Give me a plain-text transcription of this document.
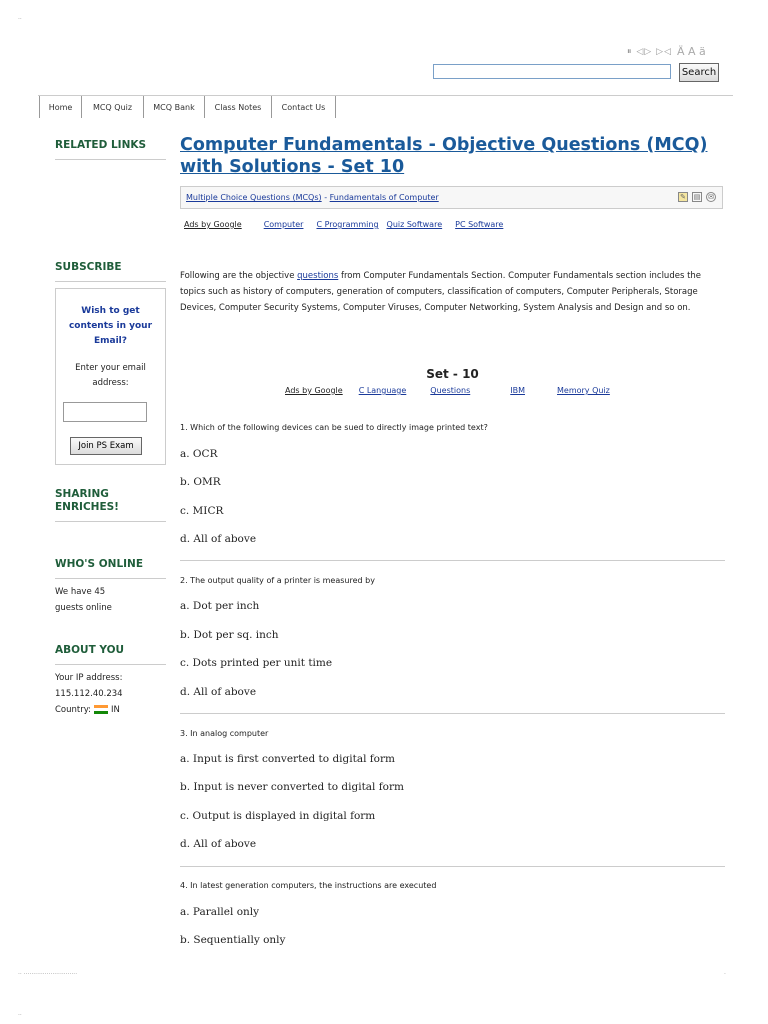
..
.. ............................
..
.
⏸ ◁▷ ▷◁ Ä A ä
Search
Home	MCQ Quiz	MCQ Bank	Class Notes	Contact Us
RELATED LINKS
SUBSCRIBE
Wish to get contents in your Email?
Enter your email address:
Join PS Exam
SHARING ENRICHES!
WHO'S ONLINE
We have 45 guests online
ABOUT YOU
Your IP address:
115.112.40.234
Country: IN
Computer Fundamentals - Objective Questions (MCQ) with Solutions - Set 10
Multiple Choice Questions (MCQs) - Fundamentals of Computer	✎ ▤ ✉
Ads by Google	Computer C Programming Quiz Software PC Software
Following are the objective questions from Computer Fundamentals Section. Computer Fundamentals section includes the topics such as history of computers, generation of computers, classification of computers, Computer Peripherals, Storage Devices, Computer Security Systems, Computer Viruses, Computer Networking, System Analysis and Design and so on.
Set - 10
Ads by Google C Language	Questions	IBM	Memory Quiz
1. Which of the following devices can be sued to directly image printed text?
a. OCR
b. OMR
c. MICR
d. All of above
2. The output quality of a printer is measured by
a. Dot per inch
b. Dot per sq. inch
c. Dots printed per unit time
d. All of above
3. In analog computer
a. Input is first converted to digital form
b. Input is never converted to digital form
c. Output is displayed in digital form
d. All of above
4. In latest generation computers, the instructions are executed
a. Parallel only
b. Sequentially only
